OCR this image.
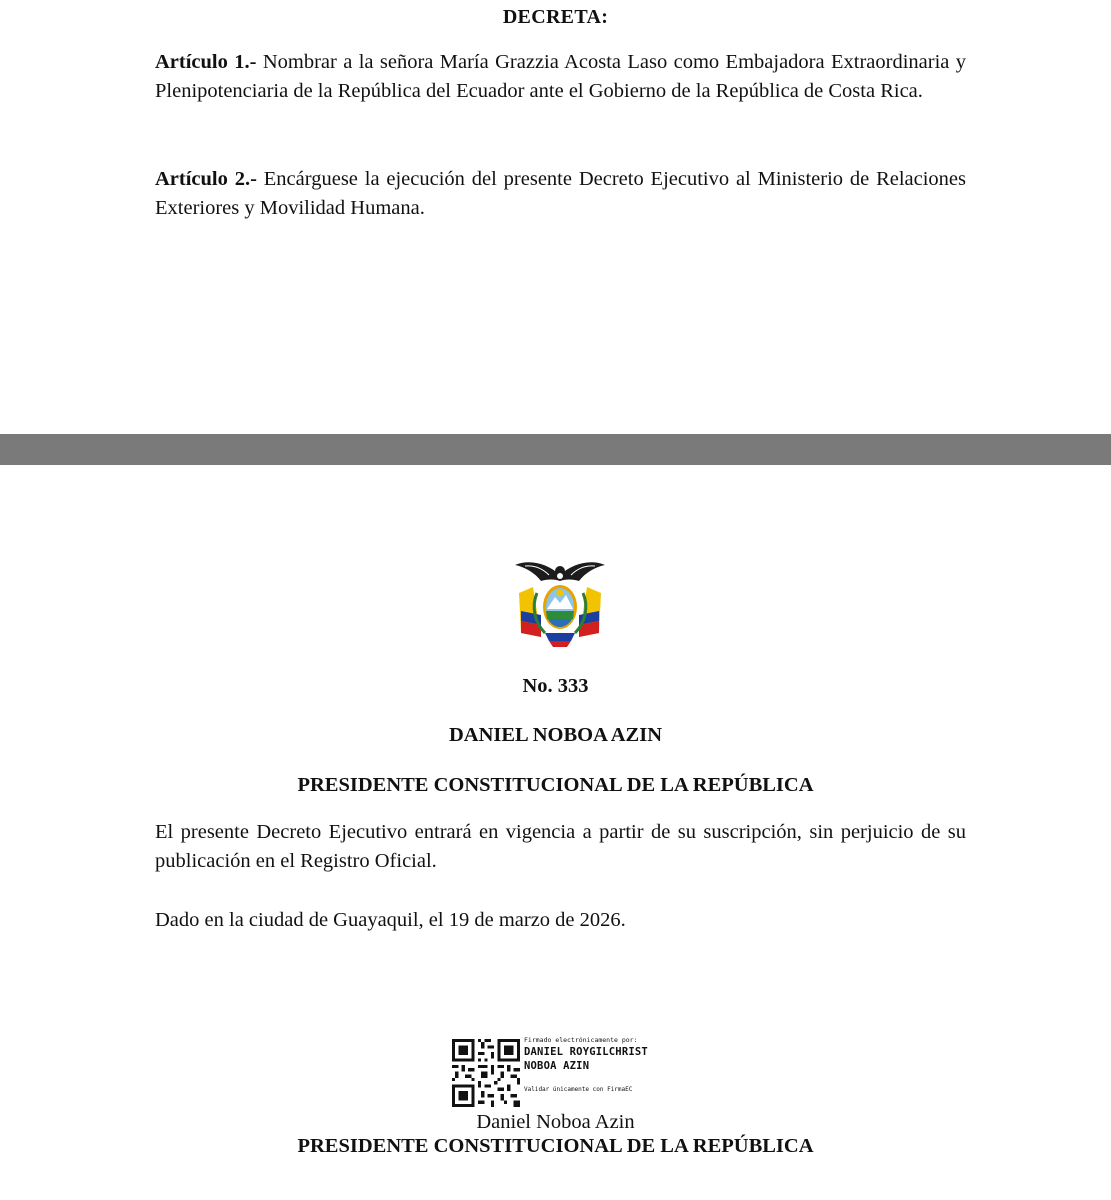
DECRETA:
Artículo 1.- Nombrar a la señora María Grazzia Acosta Laso como Embajadora Extraordinaria y Plenipotenciaria de la República del Ecuador ante el Gobierno de la República de Costa Rica.
Artículo 2.- Encárguese la ejecución del presente Decreto Ejecutivo al Ministerio de Relaciones Exteriores y Movilidad Humana.
No. 333
DANIEL NOBOA AZIN
PRESIDENTE CONSTITUCIONAL DE LA REPÚBLICA
El presente Decreto Ejecutivo entrará en vigencia a partir de su suscripción, sin perjuicio de su publicación en el Registro Oficial.
Dado en la ciudad de Guayaquil, el 19 de marzo de 2026.
Firmado electrónicamente por:
DANIEL ROYGILCHRIST
NOBOA AZIN
Validar únicamente con FirmaEC
Daniel Noboa Azin
PRESIDENTE CONSTITUCIONAL DE LA REPÚBLICA
